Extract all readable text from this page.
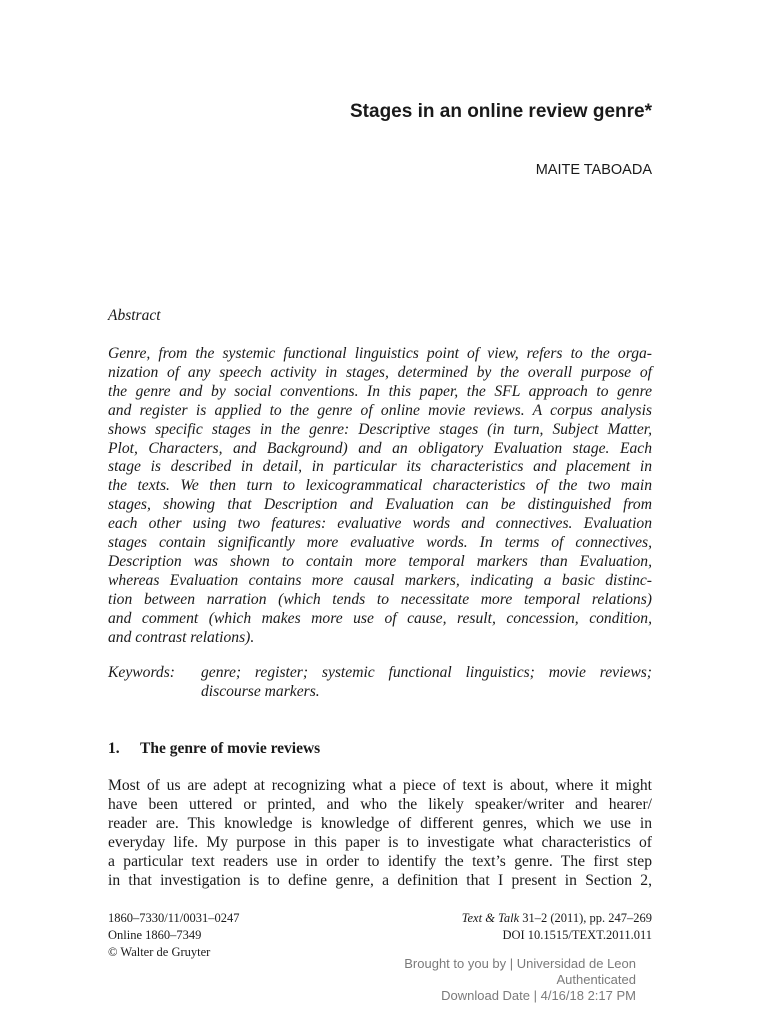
Stages in an online review genre*
MAITE TABOADA
Abstract
Genre, from the systemic functional linguistics point of view, refers to the orga-
nization of any speech activity in stages, determined by the overall purpose of
the genre and by social conventions. In this paper, the SFL approach to genre
and register is applied to the genre of online movie reviews. A corpus analysis
shows specific stages in the genre: Descriptive stages (in turn, Subject Matter,
Plot, Characters, and Background) and an obligatory Evaluation stage. Each
stage is described in detail, in particular its characteristics and placement in
the texts. We then turn to lexicogrammatical characteristics of the two main
stages, showing that Description and Evaluation can be distinguished from
each other using two features: evaluative words and connectives. Evaluation
stages contain significantly more evaluative words. In terms of connectives,
Description was shown to contain more temporal markers than Evaluation,
whereas Evaluation contains more causal markers, indicating a basic distinc-
tion between narration (which tends to necessitate more temporal relations)
and comment (which makes more use of cause, result, concession, condition,
and contrast relations).
Keywords: genre; register; systemic functional linguistics; movie reviews;
discourse markers.
1. The genre of movie reviews
Most of us are adept at recognizing what a piece of text is about, where it might
have been uttered or printed, and who the likely speaker/writer and hearer/
reader are. This knowledge is knowledge of different genres, which we use in
everyday life. My purpose in this paper is to investigate what characteristics of
a particular text readers use in order to identify the text’s genre. The first step
in that investigation is to define genre, a definition that I present in Section 2,
1860–7330/11/0031–0247
Online 1860–7349
© Walter de Gruyter
Text & Talk 31–2 (2011), pp. 247–269
DOI 10.1515/TEXT.2011.011
Brought to you by | Universidad de Leon
Authenticated
Download Date | 4/16/18 2:17 PM
